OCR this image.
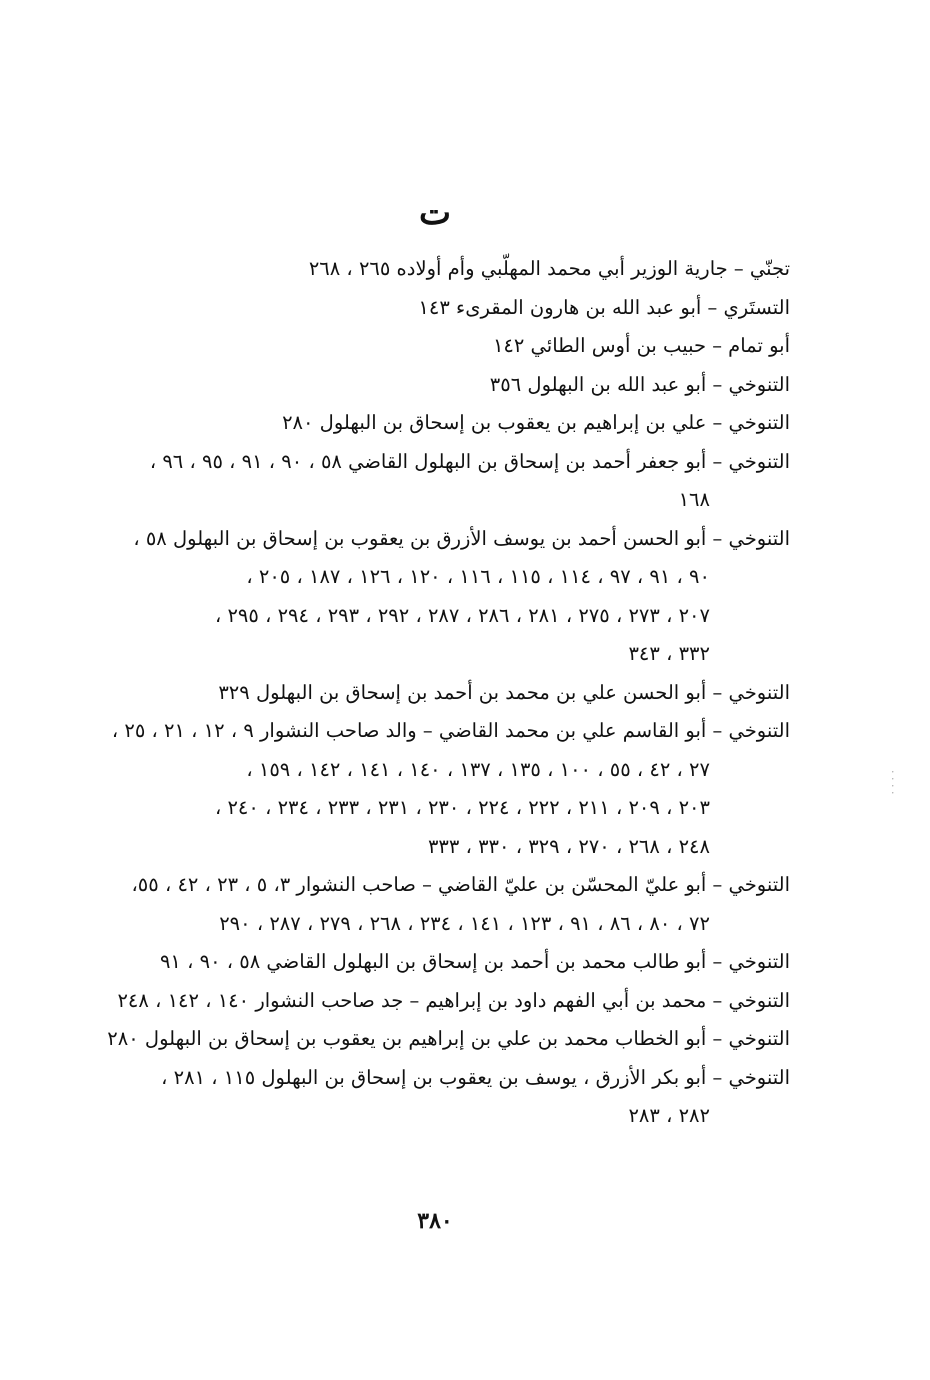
ت
تجنّي – جارية الوزير أبي محمد المهلّبي وأم أولاده ٢٦٥ ، ٢٦٨
التستَري – أبو عبد الله بن هارون المقرىء ١٤٣
أبو تمام – حبيب بن أوس الطائي ١٤٢
التنوخي – أبو عبد الله بن البهلول ٣٥٦
التنوخي – علي بن إبراهيم بن يعقوب بن إسحاق بن البهلول ٢٨٠
التنوخي – أبو جعفر أحمد بن إسحاق بن البهلول القاضي ٥٨ ، ٩٠ ، ٩١ ، ٩٥ ، ٩٦ ،
١٦٨
التنوخي – أبو الحسن أحمد بن يوسف الأزرق بن يعقوب بن إسحاق بن البهلول ٥٨ ،
٩٠ ، ٩١ ، ٩٧ ، ١١٤ ، ١١٥ ، ١١٦ ، ١٢٠ ، ١٢٦ ، ١٨٧ ، ٢٠٥ ،
٢٠٧ ، ٢٧٣ ، ٢٧٥ ، ٢٨١ ، ٢٨٦ ، ٢٨٧ ، ٢٩٢ ، ٢٩٣ ، ٢٩٤ ، ٢٩٥ ،
٣٣٢ ، ٣٤٣
التنوخي – أبو الحسن علي بن محمد بن أحمد بن إسحاق بن البهلول ٣٢٩
التنوخي – أبو القاسم علي بن محمد القاضي – والد صاحب النشوار ٩ ، ١٢ ، ٢١ ، ٢٥ ،
٢٧ ، ٤٢ ، ٥٥ ، ١٠٠ ، ١٣٥ ، ١٣٧ ، ١٤٠ ، ١٤١ ، ١٤٢ ، ١٥٩ ،
٢٠٣ ، ٢٠٩ ، ٢١١ ، ٢٢٢ ، ٢٢٤ ، ٢٣٠ ، ٢٣١ ، ٢٣٣ ، ٢٣٤ ، ٢٤٠ ،
٢٤٨ ، ٢٦٨ ، ٢٧٠ ، ٣٢٩ ، ٣٣٠ ، ٣٣٣
التنوخي – أبو عليّ المحسّن بن عليّ القاضي – صاحب النشوار ٣، ٥ ، ٢٣ ، ٤٢ ، ٥٥،
٧٢ ، ٨٠ ، ٨٦ ، ٩١ ، ١٢٣ ، ١٤١ ، ٢٣٤ ، ٢٦٨ ، ٢٧٩ ، ٢٨٧ ، ٢٩٠
التنوخي – أبو طالب محمد بن أحمد بن إسحاق بن البهلول القاضي ٥٨ ، ٩٠ ، ٩١
التنوخي – محمد بن أبي الفهم داود بن إبراهيم – جد صاحب النشوار ١٤٠ ، ١٤٢ ، ٢٤٨
التنوخي – أبو الخطاب محمد بن علي بن إبراهيم بن يعقوب بن إسحاق بن البهلول ٢٨٠
التنوخي – أبو بكر الأزرق ، يوسف بن يعقوب بن إسحاق بن البهلول ١١٥ ، ٢٨١ ،
٢٨٢ ، ٢٨٣
٣٨٠
· · · ·
